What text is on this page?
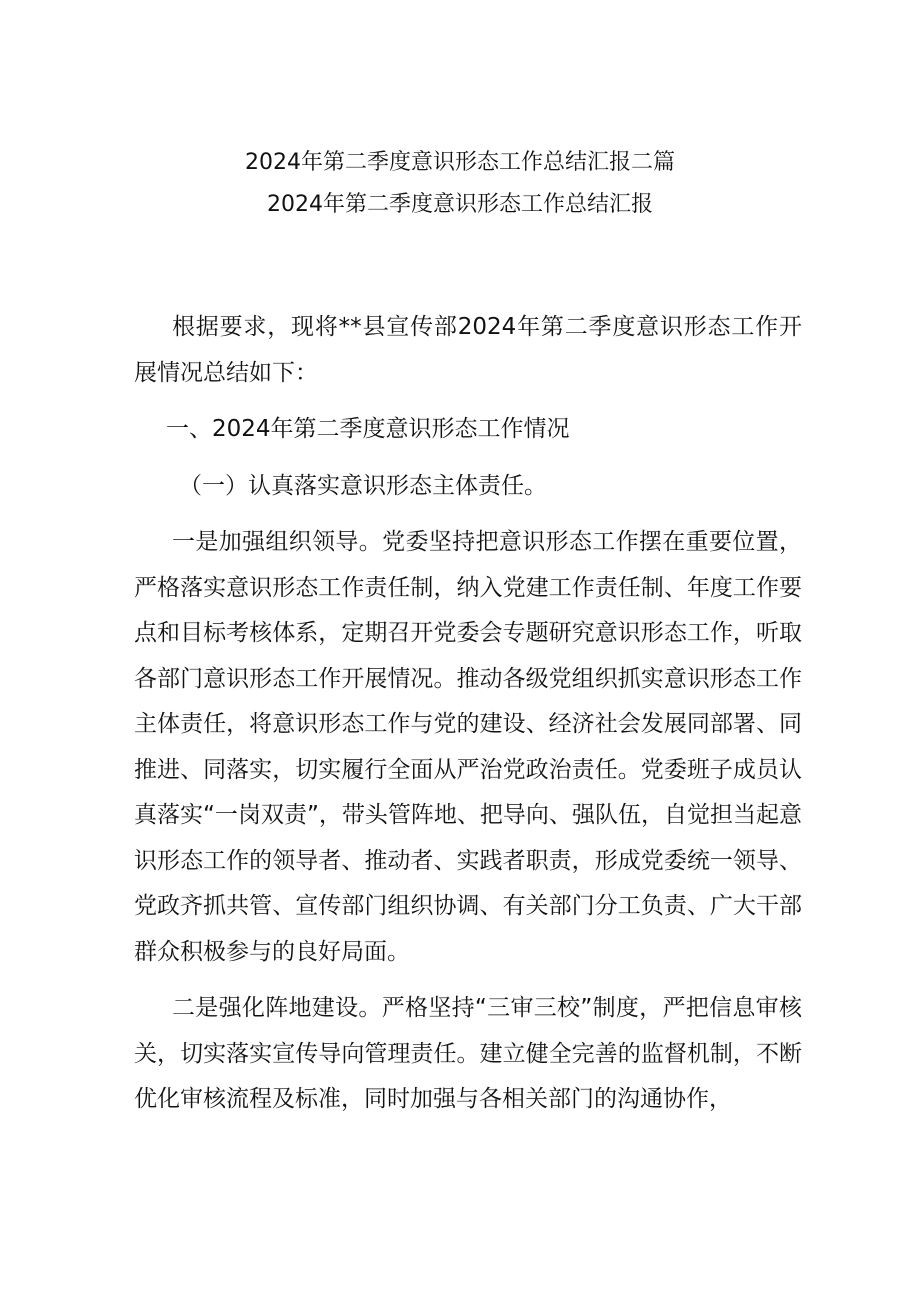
2024年第二季度意识形态工作总结汇报二篇
2024年第二季度意识形态工作总结汇报

根据要求，现将**县宣传部2024年第二季度意识形态工作开展情况总结如下：

一、2024年第二季度意识形态工作情况

（一）认真落实意识形态主体责任。

一是加强组织领导。党委坚持把意识形态工作摆在重要位置，严格落实意识形态工作责任制，纳入党建工作责任制、年度工作要点和目标考核体系，定期召开党委会专题研究意识形态工作，听取各部门意识形态工作开展情况。推动各级党组织抓实意识形态工作主体责任，将意识形态工作与党的建设、经济社会发展同部署、同推进、同落实，切实履行全面从严治党政治责任。党委班子成员认真落实“一岗双责”，带头管阵地、把导向、强队伍，自觉担当起意识形态工作的领导者、推动者、实践者职责，形成党委统一领导、党政齐抓共管、宣传部门组织协调、有关部门分工负责、广大干部群众积极参与的良好局面。

二是强化阵地建设。严格坚持“三审三校”制度，严把信息审核关，切实落实宣传导向管理责任。建立健全完善的监督机制，不断优化审核流程及标准，同时加强与各相关部门的沟通协作，
